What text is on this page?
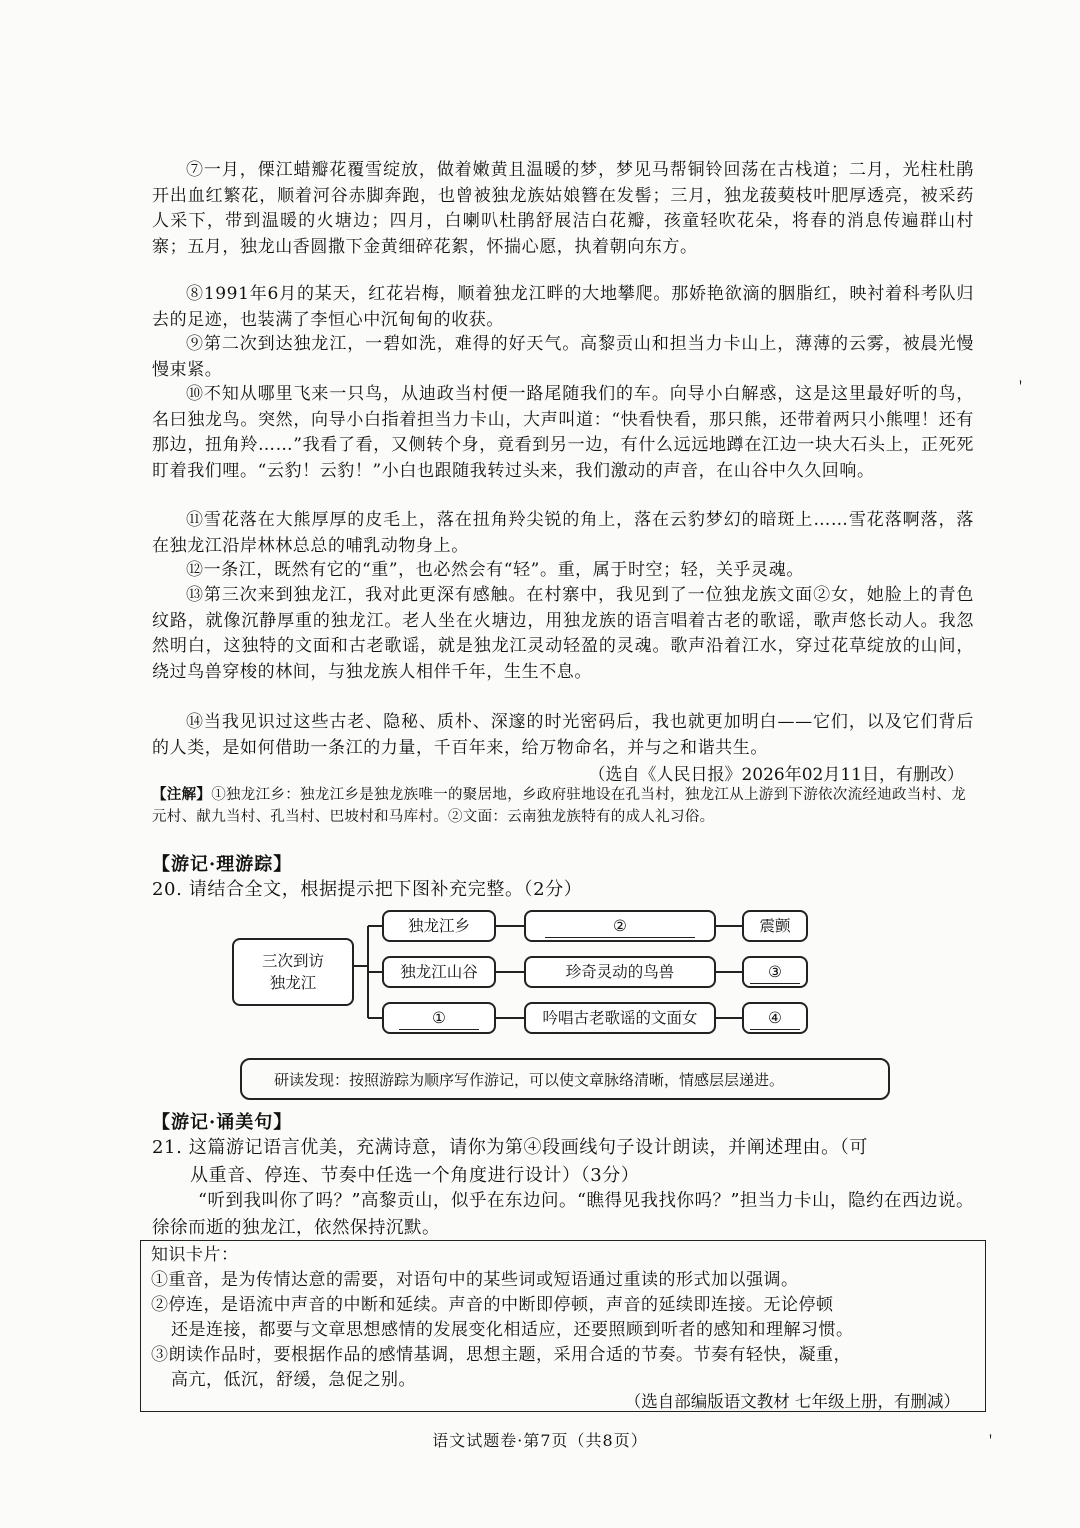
⑦一月，傈江蜡瓣花覆雪绽放，做着嫩黄且温暖的梦，梦见马帮铜铃回荡在古栈道；二月，光柱杜鹃开出血红繁花，顺着河谷赤脚奔跑，也曾被独龙族姑娘簪在发髻；三月，独龙菝葜枝叶肥厚透亮，被采药人采下，带到温暖的火塘边；四月，白喇叭杜鹃舒展洁白花瓣，孩童轻吹花朵，将春的消息传遍群山村寨；五月，独龙山香圆撒下金黄细碎花絮，怀揣心愿，执着朝向东方。

⑧1991年6月的某天，红花岩梅，顺着独龙江畔的大地攀爬。那娇艳欲滴的胭脂红，映衬着科考队归去的足迹，也装满了李恒心中沉甸甸的收获。

⑨第二次到达独龙江，一碧如洗，难得的好天气。高黎贡山和担当力卡山上，薄薄的云雾，被晨光慢慢束紧。

⑩不知从哪里飞来一只鸟，从迪政当村便一路尾随我们的车。向导小白解惑，这是这里最好听的鸟，名曰独龙鸟。突然，向导小白指着担当力卡山，大声叫道：“快看快看，那只熊，还带着两只小熊哩！还有那边，扭角羚……”我看了看，又侧转个身，竟看到另一边，有什么远远地蹲在江边一块大石头上，正死死盯着我们哩。“云豹！云豹！”小白也跟随我转过头来，我们激动的声音，在山谷中久久回响。

⑪雪花落在大熊厚厚的皮毛上，落在扭角羚尖锐的角上，落在云豹梦幻的暗斑上……雪花落啊落，落在独龙江沿岸林林总总的哺乳动物身上。

⑫一条江，既然有它的“重”，也必然会有“轻”。重，属于时空；轻，关乎灵魂。

⑬第三次来到独龙江，我对此更深有感触。在村寨中，我见到了一位独龙族文面②女，她脸上的青色纹路，就像沉静厚重的独龙江。老人坐在火塘边，用独龙族的语言唱着古老的歌谣，歌声悠长动人。我忽然明白，这独特的文面和古老歌谣，就是独龙江灵动轻盈的灵魂。歌声沿着江水，穿过花草绽放的山间，绕过鸟兽穿梭的林间，与独龙族人相伴千年，生生不息。

⑭当我见识过这些古老、隐秘、质朴、深邃的时光密码后，我也就更加明白——它们，以及它们背后的人类，是如何借助一条江的力量，千百年来，给万物命名，并与之和谐共生。

（选自《人民日报》2026年02月11日，有删改）
【注解】①独龙江乡：独龙江乡是独龙族唯一的聚居地，乡政府驻地设在孔当村，独龙江从上游到下游依次流经迪政当村、龙元村、献九当村、孔当村、巴坡村和马库村。②文面：云南独龙族特有的成人礼习俗。
【游记·理游踪】
20. 请结合全文，根据提示把下图补充完整。（2分）
三次到访
独龙江
独龙江乡	②	震颤
独龙江山谷	珍奇灵动的鸟兽	③
①	吟唱古老歌谣的文面女	④
研读发现：按照游踪为顺序写作游记，可以使文章脉络清晰，情感层层递进。
【游记·诵美句】
21. 这篇游记语言优美，充满诗意，请你为第④段画线句子设计朗读，并阐述理由。（可
从重音、停连、节奏中任选一个角度进行设计）（3分）
“听到我叫你了吗？”高黎贡山，似乎在东边问。“瞧得见我找你吗？”担当力卡山，隐约在西边说。徐徐而逝的独龙江，依然保持沉默。
知识卡片：
①重音，是为传情达意的需要，对语句中的某些词或短语通过重读的形式加以强调。
②停连，是语流中声音的中断和延续。声音的中断即停顿，声音的延续即连接。无论停顿
还是连接，都要与文章思想感情的发展变化相适应，还要照顾到听者的感知和理解习惯。
③朗读作品时，要根据作品的感情基调，思想主题，采用合适的节奏。节奏有轻快，凝重，
高亢，低沉，舒缓，急促之别。
（选自部编版语文教材 七年级上册，有删减）
语文试题卷·第7页（共8页）
ˋ
ˋ
